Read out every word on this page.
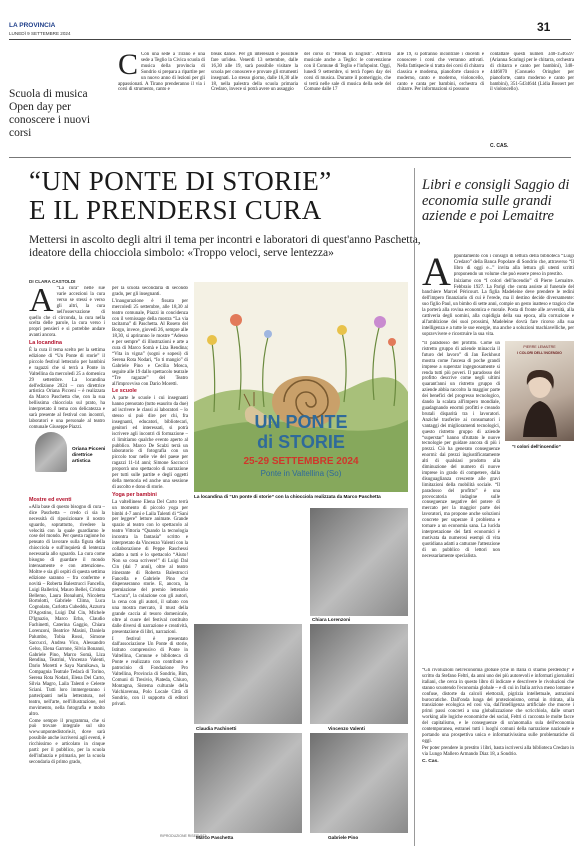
LA PROVINCIA
LUNEDÌ 9 SETTEMBRE 2024	31
Scuola di musica Open day per conoscere i nuovi corsi
C Con una sede a Tirano e una sede a Teglio la Civica scuola di musica della provincia di Sondrio si prepara a ripartire per un nuovo anno di lezioni per gli appassionati. A Tirano prenderanno il via i corsi di strumento, canto e
break dance. Per gli interessati è possibile fare un'idea. Venerdì 13 settembre, dalle 16,30 alle 19, sarà possibile visitare la scuola per conoscere e provare gli strumenti insegnati. Lo stesso giorno, dalle 16,30 alle 18, nella palestra della scuola primaria Credaro, invece si potrà avere un assaggio
del corso di "Break in English". Attività musicale anche a Teglio: le convenzione con il Comune di Teglio e l'infopoint. Oggi, lunedì 9 settembre, si terrà l'open day dei corsi di musica. Durante il pomeriggio, che si terrà nelle sale di musica della sede del Comune dalle 17
alle 19, si potranno incontrare i docenti e conoscere i corsi che verranno attivati. Nella fattispecie si tratta dei corsi di chitarra classica e moderna, pianoforte classico e moderno, canto e moderno, violoncello, canto e canta per bambini, orchestra di chitarre. Per informazioni si possono
contattare questi numeri 340-1546597 (Arianna Scaringi per le chitarra, orchestra di chitarra e canto per bambini), 348-4446070 (Consuelo Oringher per pianoforte, canto moderno e canto per bambini), 351-5434644 (Lidia Bossert per il violoncello).
C. CAS.
“UN PONTE DI STORIE”
E IL PRENDERSI CURA
Mettersi in ascolto degli altri il tema per incontri e laboratori di quest'anno Paschetta, ideatore della chiocciola simbolo: «Troppo veloci, serve lentezza»
Libri e consigli Saggio di economia sulle grandi aziende e poi Lemaitre
DI CLARA CASTOLDI

A “La cura” nelle sue varie accezioni la cura verso se stessi e verso gli altri, la cura nell'osservazione di quello che ci circonda, la cura nella scelta delle parole, la cura verso i propri pensieri e si potrebbe andare avanti ancora.

La locandina

È la cura il tema scelto per la settima edizione di “Un Ponte di storie” il piccolo festival letterario per bambini e ragazzi che si terrà a Ponte in Valtellina da mercoledì 25 a domenica 29 settembre. La locandina dell'edizione 2024 – con direttrice artistica Oriana Picceni – è realizzata da Marco Paschetta che, con la sua bellissima chiocciola sul prato, ha interpretato il tema con delicatezza e sarà presente al festival con incontri, laboratori e una personale al teatro comunale Giuseppe Piazzi.

Oriana Picceni
direttrice artistica
Mostre ed eventi

«Alla base di questo bisogno di cura – dice Paschetta – credo ci sia la necessità di riposizionare il nostro sguardo, soprattutto, rivedere la velocità con la quale guardiamo le cose del mondo. Per questa ragione ho pensato di lavorare sulla figura della chiocciola e sull'inquietà di lentezza necessaria allo sguardo. La cura come bisogno di guardare il mondo intensamente e con attenzione». Moltre e sia gli ospiti di questa settima edizione saranno – fra conferme e novità – Roberta Balestrucci Fancella, Luigi Ballerini, Mauro Bellei, Cristina Bellemo, Laura Bonalumi, Nicoletta Bortolotti, Gabriele Clima, Luca Cognolato, Carlotta Cubeddu, Azzurra D'Agostino, Luigi Dal Cin, Michele D'Ignazio, Marco Erba, Claudio Fachinetti, Caterina Gaggio, Chiara Lorenzoni, Beatrice Masini, Daniela Palumbo, Tobia Rossi, Simone Saccucci, Andrea Vico, Alessandro Gelso, Elena Garrone, Silvia Bonanni, Gabriele Pino, Marco Somà, Liza Rendina, Teatrini, Vincenzo Valenti, Dario Moretti e Saya Namikawa, la Compagnia Teatrale Tedacà di Torino, Serena Rota Nodari, Elena Del Carto, Silvia Magro, Laila Talenti e Celeste Sciani. Tutti loro immergeranno i partecipanti nella letteratura, nel teatro, nell'arte, nell'illustrazione, nel movimento, nella fotografia e molto altro.

Come sempre il programma, che si può trovare integrale sul sito www.unpontedistorie.it, dove sarà possibile anche iscriversi agli eventi, è ricchissimo e articolato in cinque parti: per il pubblico, per la scuola dell'infanzia e primaria, per la scuola secondaria di primo grado,

per la scuola secondaria di secondo grado, per gli insegnanti.

L'inaugurazione è fissata per mercoledì 25 settembre, alle 18,30 al teatro comunale, Piazzi in concidenza con il vernissage della mostra “La via tacitarna” di Paschetta. Al Roseto del Borgo, invece, giovedì 26, sempre alle 18,30, si apriranno le mostre “Adesso e per sempre” di illustrazioni e arte a cura di Marco Somà e Liza Rendina; “Vita in vigna” (sogni e sopesi) di Serena Rota Nodari, “Io ti mangio” di Gabriele Pino e Cecilia Mosca, seguite alle 19 dallo spettacolo teatrale “Tre ragazze” del Teatro all'improvviso con Dario Moretti.

Le scuole

A parte le scuole i cui insegnanti hanno prenotato (tutto esaurito da due) ad iscrivere le classi ai laboratori – lo stesso si può dire per chi, fra insegnanti, educatori, bibliotecari, genitori ed interessati, si potrà iscrivere agli incontri di formazione – ci limitiamo qualche evento aperto al pubblico. Marco De Scalzi terrà un laboratorio di fotografia con un piccolo tour nelle vie del paese per ragazzi 11-14 anni; Simone Saccucci proporrà uno spettacolo di narrazione per tutti sulle partite e degli oggetti della memoria ed anche una sessione di ascolto e dono di storie.

Yoga per bambini

La valtellinese Elena Del Carto terrà un momento di piccolo yoga per bimbi 4-7 anni e Laila Talenti di “Sani per leggere” letture animate. Grande spazio al teatro con lo spettacolo al teatro Vittoria “Quando la tecnologia incontra la fantasia” scritto e interpretato da Vincenzo Valenti con la collaborazione di Peppe Raschessi adatto a tutti e lo spettacolo “Aiuto! Non so cosa scrivere!” di Luigi Dal Cin (dai 7 anni), oltre al teatro itinerante di Roberta Balestrucci Fancella e Gabriele Pino che dispenseranno storie. E, ancora, la premiazione del premio letterario “Lacura”, la colazione con gli autori, la cena con gli autori, il sabato con una mostra mercato, il must della grande caccia al tesoro domenicale, oltre al cuore del festival costituito dalle diversi di narrazione e creatività, presentazione di libri, narrazioni.

I festival è presentato dall'associazione Un Ponte di storie, Istituto comprensivo di Ponte in Valtellina, Comune e biblioteca di Ponte e realizzato con contributo e patrocinio di Fondazione Pro Valtellina, Provincia di Sondrio, Bim, Comuni di Tresivio, Piateda, Chiuro, Montagna, Sistema culturale della Valchiavenna, Polo Locale Città di Sondrio, con il supporto di editori privati.

RIPRODUZIONE RISERVATA
UN PONTE
di STORIE
25-29 SETTEMBRE 2024
Ponte in Valtellina (So)
La locandina di “Un ponte di storie” con la chiocciola realizzata da Marco Paschetta
Chiara Lorenzoni
Claudia Fachinetti	Vincenzo Valenti
Marco Paschetta	Gabriele Pino
Appuntamento con i consigli di lettura della biblioteca “Luigi Credaro” della Banca Popolare di Sondrio che, attraverso “Il libro di oggi e...” invita alla lettura gli utenti scritti proponendo un volume che può essere preso in prestito.

Iniziamo con “I colori dell'incendio” di Pierre Lemaitre. Febbraio 1927. La Parigi che conta assiste al funerale del banchiere Marcel Péricourt. La figlia Madeleine deve prendere le redini dell'impero finanziario di cui è l'erede, ma il destino decide diversamente: suo figlio Paul, un bimbo di sette anni, compie un gesto inatteso e tragico che la porterà alla rovina economica e morale. Posta di fronte alle avversità, alla cattiveria degli uomini, alla cupidigia della sua epoca, alla corruzione e all'ambizione dei suoi prossimi, Madeleine dovrà fare ricorso alla sua intelligenza e a tutte le sue energie, ma anche a soluzioni machiavelliche, per sopravvivere e ricostruire la sua vita.

“Il paradosso del profitto. Come un ristretto gruppo di aziende minaccia il futuro del lavoro” di Jan Eeckhout mostra come l'ascesa di poche grandi imprese a superstar ingegnosamente si renda tutti più poveri. Il paradosso del profitto descrive come negli ultimi quarant'anni un ristretto gruppo di aziende abbia raccolto la maggior parte dei benefici del progresso tecnologico, dando la scalata all'impero mondiale, guadagnando enormi profitti e creando brutali disparità tra i lavoratori. Anziché trasferire ai consumatori i vantaggi dei miglioramenti tecnologici, questo ristretto gruppo di aziende “superstar” hanno sfruttato le nuove tecnologie per guidare ancora di più i prezzi. Ciò ha generato conseguenze enormi: dai prezzi ingiustificatamente alti di qualsiasi prodotto alla diminuzione del numero di nuove imprese in grado di competere, dalla disuguaglianza crescente alle gravi limitazioni della mobilità sociale. “Il paradosso del profitto” è una provocatoria indagine sulle conseguenze negative del potere di mercato per la maggior parte dei lavoratori, ma propone anche soluzioni concrete per superare il problema e tornare a un economia sana. La lucida interpretazione dei fatti economici è motivata da numerosi esempi di vita quotidiana adatti a catturare l'attenzione di un pubblico di lettori non necessariamente specialista.
PIERRE LEMAITRE
I COLORI DELL'INCENDIO
“I colori dell'incendio”

“Gli rivoluzioni nell'economia globale (che in Italia ci stiamo perdendo)” è scritto da Stefano Feltri, da anni uno dei più autorevoli e informati giornalisti italiani, che cerca in questo libro di indicare e descrivere le rivoluzioni che stanno scuotendo l'economia globale – e di cui in Italia arriva meno lontane e confuse, distorte da calcoli elettorali, pigrizia intellettuale, astrazioni burocratiche. Dall'onda lunga del protezionismo, ormai in ritirata, alla transizione ecologica ed così via, dall'intelligenza artificiale che muove i primi passi concreti a una globalizzazione che scricchiola, dalle smart working alle logiche economiche dei social, Feltri ci racconta le molte facce del capitalismo, e le conseguenze di un'anomalia sula dell'economia contemporanea, estranei tutti i luoghi comuni della narrazione nazionale e portando una prospettiva unica e informativissima sulle problematiche di oggi.

Per poter prendere in prestito i libri, basta iscriversi alla biblioteca Credaro in via Lungo Mallero Armando Diaz 18, a Sondrio.

C. Cas.
